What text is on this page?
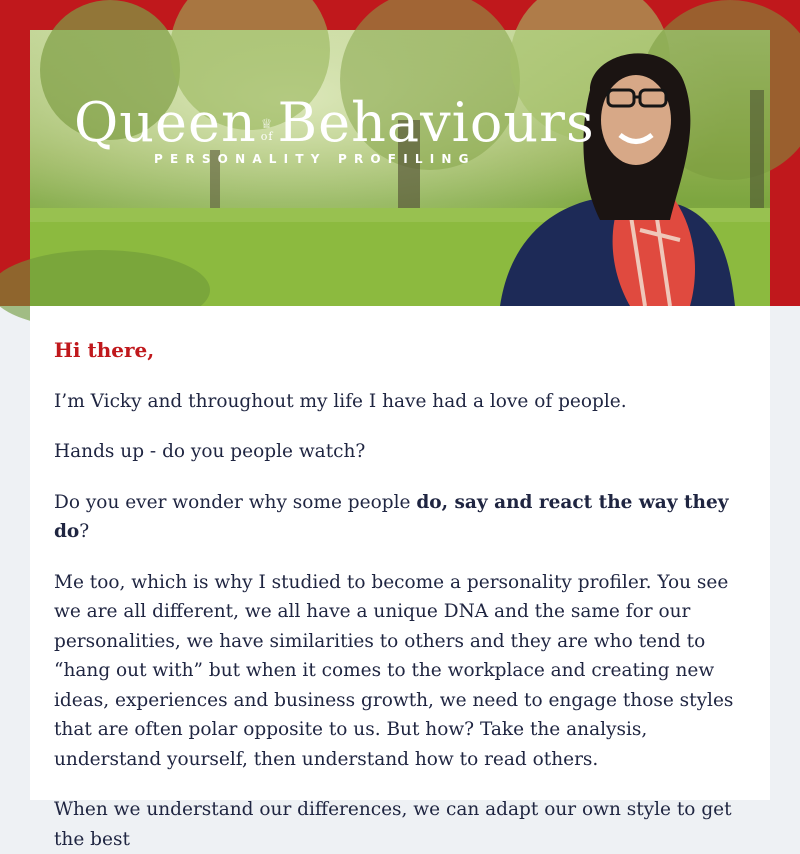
Queen ♕
of Behaviours
PERSONALITY PROFILING

Hi there,

I’m Vicky and throughout my life I have had a love of people.

Hands up - do you people watch?

Do you ever wonder why some people do, say and react the way they do?

Me too, which is why I studied to become a personality profiler. You see we are all different, we all have a unique DNA and the same for our personalities, we have similarities to others and they are who tend to “hang out with” but when it comes to the workplace and creating new ideas, experiences and business growth, we need to engage those styles that are often polar opposite to us. But how? Take the analysis, understand yourself, then understand how to read others.

When we understand our differences, we can adapt our own style to get the best
